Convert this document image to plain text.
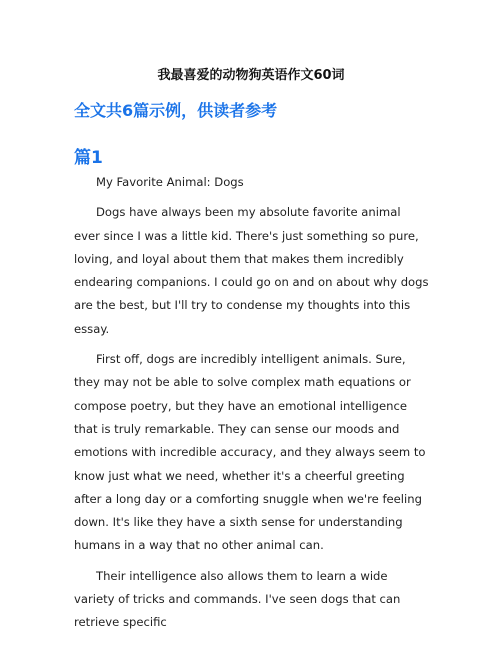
我最喜爱的动物狗英语作文60词
全文共6篇示例，供读者参考
篇1

My Favorite Animal: Dogs

Dogs have always been my absolute favorite animal ever since I was a little kid. There's just something so pure, loving, and loyal about them that makes them incredibly endearing companions. I could go on and on about why dogs are the best, but I'll try to condense my thoughts into this essay.

First off, dogs are incredibly intelligent animals. Sure, they may not be able to solve complex math equations or compose poetry, but they have an emotional intelligence that is truly remarkable. They can sense our moods and emotions with incredible accuracy, and they always seem to know just what we need, whether it's a cheerful greeting after a long day or a comforting snuggle when we're feeling down. It's like they have a sixth sense for understanding humans in a way that no other animal can.

Their intelligence also allows them to learn a wide variety of tricks and commands. I've seen dogs that can retrieve specific
